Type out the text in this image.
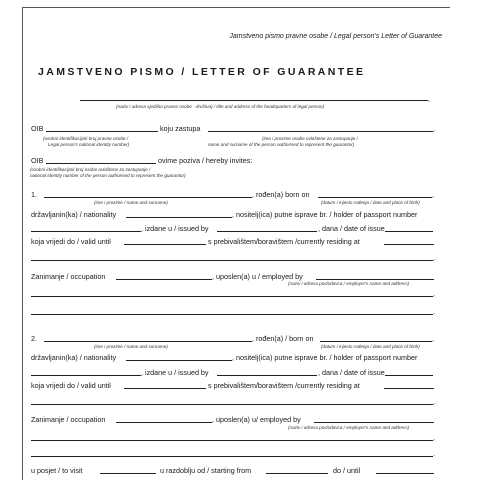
Jamstveno pismo pravne osobe / Legal person's Letter of Guarantee
JAMSTVENO PISMO / LETTER OF GUARANTEE
,
(naziv i adresa sjedišta pravne osobe - društva) / title and address of the headquarters of legal person)
OIB	koju zastupa	,
(osobni identifikacijski broj pravne osobe /
Legal person's national identity number)
(ime i prezime osobe ovlaštene za zastupanje /
name and surname of the person authorised to represent the guarantor)
OIB	ovime poziva / hereby invites:
(osobni identifikacijski broj osobe ovlaštene za zastupanje /
national identity number of the person authorised to represent the guarantor)
1.	, rođen(a) born on	,
(ime i prezime / name and surname)	(datum i mjesto rođenja / date and place of birth)
državljanin(ka) / nationality	, nositelj(ica) putne isprave br. / holder of passport number
, izdane u / issued by	, dana / date of issue
koja vrijedi do / valid until	s prebivalištem/boravištem /currently residing at
,
Zanimanje / occupation	, uposlen(a) u / employed by
(naziv i adresa poslodavca / employer's name and address)
,
.
2.	, rođen(a) / born on	,
(ime i prezime / name and surname)	(datum i mjesto rođenja / date and place of birth)
državljanin(ka) / nationality	, nositelj(ica) putne isprave br. / holder of passport number
, izdane u / issued by	, dana / date of issue
koja vrijedi do / valid until	s prebivalištem/boravištem /currently residing at
,
Zanimanje / occupation	, uposlen(a) u/ employed by
(naziv i adresa poslodavca / employer's name and address)
,
.
u posjet / to visit	u razdoblju od / starting from	do / until
